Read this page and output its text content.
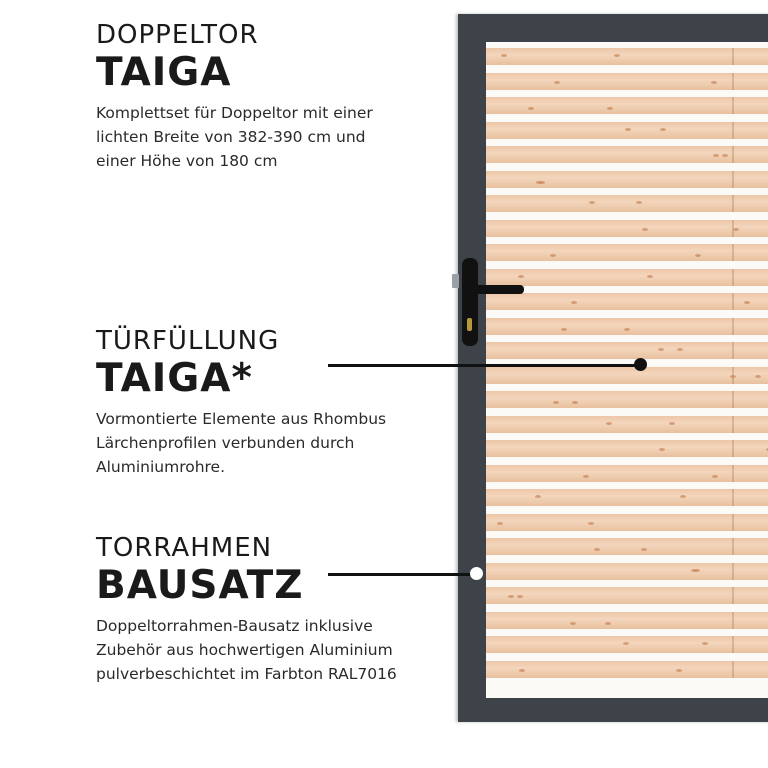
DOPPELTOR
TAIGA
Komplettset für Doppeltor mit einer
lichten Breite von 382-390 cm und
einer Höhe von 180 cm
TÜRFÜLLUNG
TAIGA*
Vormontierte Elemente aus Rhombus
Lärchenprofilen verbunden durch
Aluminiumrohre.
TORRAHMEN
BAUSATZ
Doppeltorrahmen-Bausatz inklusive
Zubehör aus hochwertigen Aluminium
pulverbeschichtet im Farbton RAL7016
